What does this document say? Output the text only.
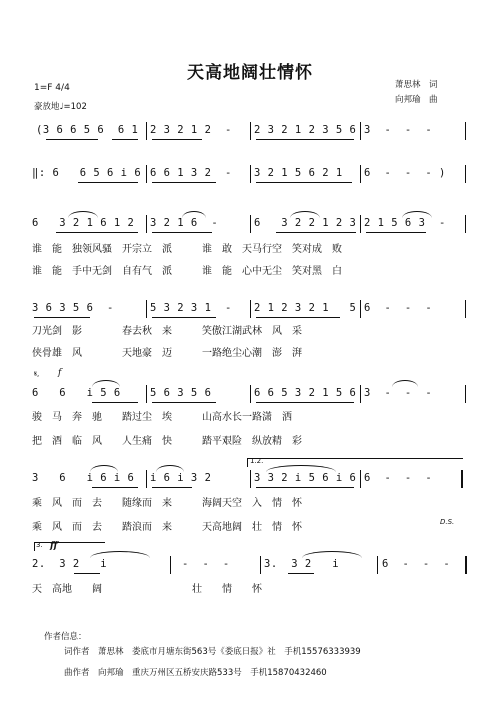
天高地阔壮情怀
萧思林　词
向邦瑜　曲
1=F 4/4
豪放地♩=102
(3 6 6 5 6  6 1 2 3 2 1 2  - 2 3 2 1 2 3 5 6 3  -  -  -
‖: 6   6 5 6 i 6 6 6 1 3 2  - 3 2 1 5 6 2 1 6  -  -  - )
6   3 2 1 6 1 2 3 2 1 6  -	6   3 2 2 1 2 3 2 1 5 6 3  -
谁　能　独领风骚　开宗立　派　　　谁　敢　天马行空　笑对成　败
谁　能　手中无剑　自有气　派　　　谁　能　心中无尘　笑对黑　白
3 6 3 5 6  -	5 3 2 3 1  - 2 1 2 3 2 1   5 6  -  -  -
刀光剑　影　　　　春去秋　来　　　笑傲江湖武林　风　采
侠骨雄　风　　　　天地豪　迈　　　一路绝尘心潮　澎　湃
𝄋, f
6   6   i 5 6	5 6 3 5 6	6 6 5 3 2 1 5 6 3  -  -  -
骏　马　奔　驰　　踏过尘　埃　　　山高水长一路潇　洒
把　酒　临　风　　人生痛　快　　　踏平艰险　纵放精　彩
1.2.
3   6   i 6 i 6 i 6 i 3 2	3 3 2 i 5 6 i 6 6  -  -  -
乘　风　而　去　　随缘而　来　　　海阔天空　入　情　怀
乘　风　而　去　　踏浪而　来　　　天高地阔　壮　情　怀	D.S.
3. ff
2.  3 2   i	-  -  -	3.  3 2   i	6  -  -  -
天　高地　　阔　　　　　　　　　壮　　情　　怀
作者信息：
词作者　萧思林　娄底市月塘东街563号《娄底日报》社　手机15576333939
曲作者　向邦瑜　重庆万州区五桥安庆路533号　手机15870432460
